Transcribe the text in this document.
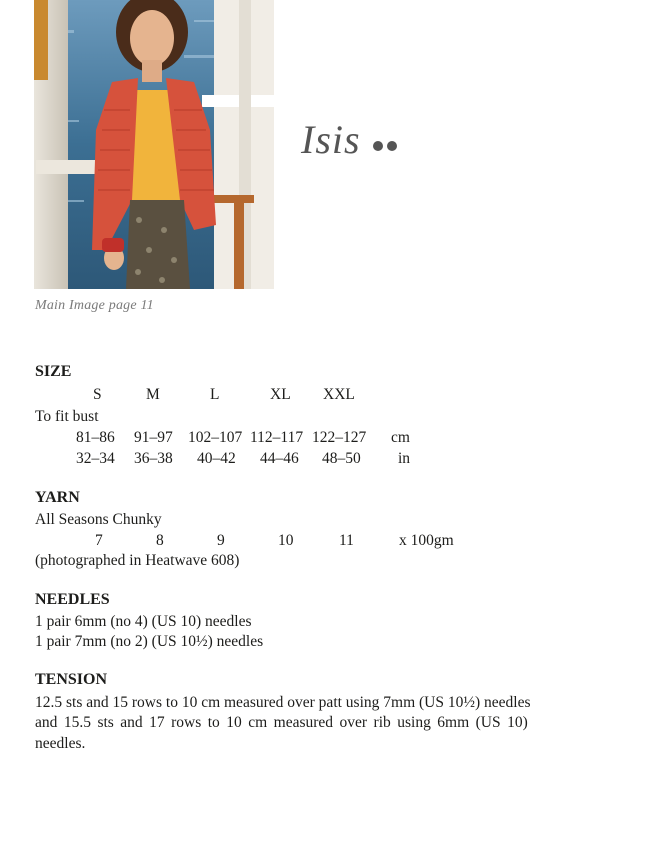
Main Image page 11
Isis
SIZE
S	M	L	XL XXL
To fit bust
81–86 91–97 102–107 112–117 122–127 cm
32–34 36–38 40–42 44–46 48–50 in
YARN
All Seasons Chunky
7	8	9	10	11	x 100gm
(photographed in Heatwave 608)
NEEDLES
1 pair 6mm (no 4) (US 10) needles
1 pair 7mm (no 2) (US 10½) needles
TENSION
12.5 sts and 15 rows to 10 cm measured over patt using 7mm (US 10½) needles
and 15.5 sts and 17 rows to 10 cm measured over rib using 6mm (US 10)
needles.
